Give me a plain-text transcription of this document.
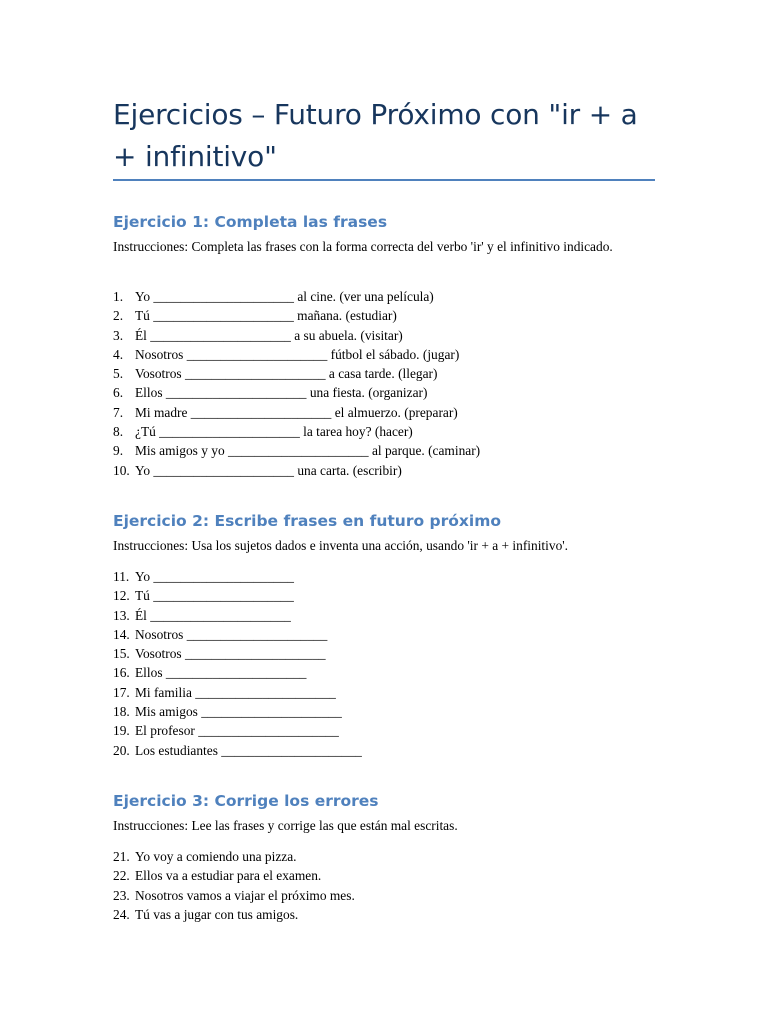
Ejercicios – Futuro Próximo con "ir + a + infinitivo"
Ejercicio 1: Completa las frases

Instrucciones: Completa las frases con la forma correcta del verbo 'ir' y el infinitivo indicado.

1. Yo _____________________ al cine. (ver una película)
2. Tú _____________________ mañana. (estudiar)
3. Él _____________________ a su abuela. (visitar)
4. Nosotros _____________________ fútbol el sábado. (jugar)
5. Vosotros _____________________ a casa tarde. (llegar)
6. Ellos _____________________ una fiesta. (organizar)
7. Mi madre _____________________ el almuerzo. (preparar)
8. ¿Tú _____________________ la tarea hoy? (hacer)
9. Mis amigos y yo _____________________ al parque. (caminar)
10. Yo _____________________ una carta. (escribir)
Ejercicio 2: Escribe frases en futuro próximo

Instrucciones: Usa los sujetos dados e inventa una acción, usando 'ir + a + infinitivo'.

11. Yo _____________________
12. Tú _____________________
13. Él _____________________
14. Nosotros _____________________
15. Vosotros _____________________
16. Ellos _____________________
17. Mi familia _____________________
18. Mis amigos _____________________
19. El profesor _____________________
20. Los estudiantes _____________________
Ejercicio 3: Corrige los errores

Instrucciones: Lee las frases y corrige las que están mal escritas.

21. Yo voy a comiendo una pizza.
22. Ellos va a estudiar para el examen.
23. Nosotros vamos a viajar el próximo mes.
24. Tú vas a jugar con tus amigos.
